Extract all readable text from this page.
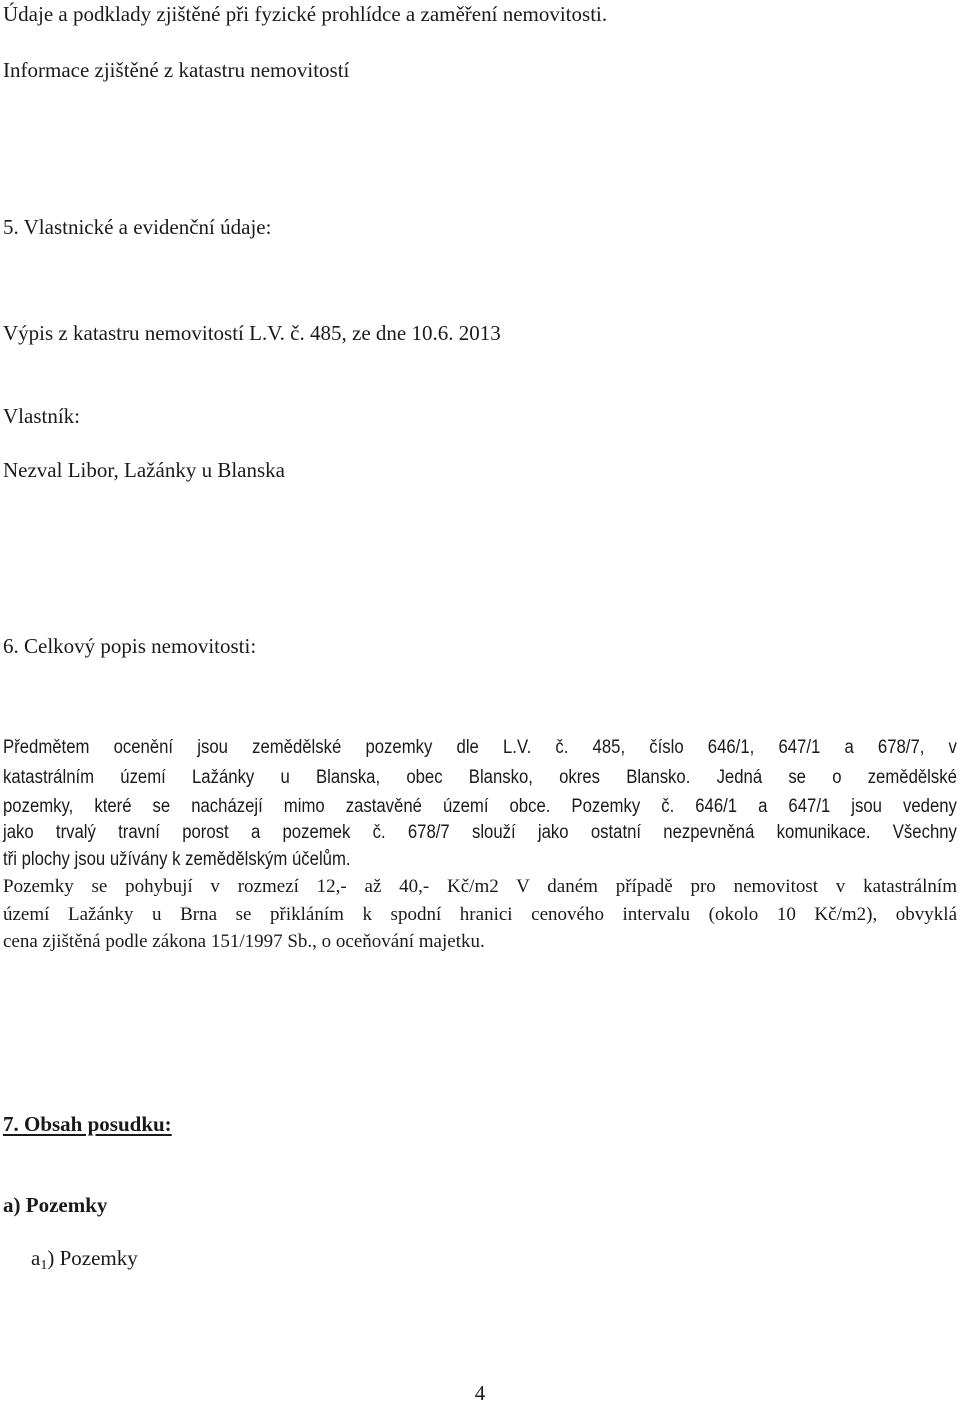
Údaje a podklady zjištěné při fyzické prohlídce a zaměření nemovitosti.
Informace zjištěné z katastru nemovitostí
5. Vlastnické a evidenční údaje:
Výpis z katastru nemovitostí L.V. č. 485, ze dne 10.6. 2013
Vlastník:
Nezval Libor, Lažánky u Blanska
6. Celkový popis nemovitosti:
Předmětem ocenění jsou zemědělské pozemky dle L.V. č. 485, číslo 646/1, 647/1 a 678/7, v
katastrálním území Lažánky u Blanska, obec Blansko, okres Blansko. Jedná se o zemědělské
pozemky, které se nacházejí mimo zastavěné území obce. Pozemky č. 646/1 a 647/1 jsou vedeny
jako trvalý travní porost a pozemek č. 678/7 slouží jako ostatní nezpevněná komunikace. Všechny
tři plochy jsou užívány k zemědělským účelům.
Pozemky se pohybují v rozmezí 12,- až 40,- Kč/m2 V daném případě pro nemovitost v katastrálním
území Lažánky u Brna se přikláním k spodní hranici cenového intervalu (okolo 10 Kč/m2), obvyklá
cena zjištěná podle zákona 151/1997 Sb., o oceňování majetku.
7. Obsah posudku:
a) Pozemky
$a_1$) Pozemky
4
